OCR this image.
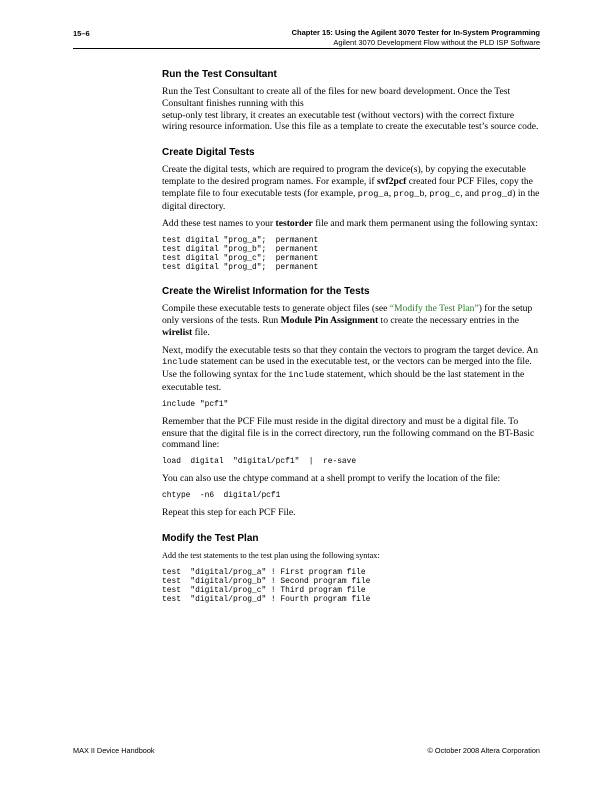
15–6	Chapter 15: Using the Agilent 3070 Tester for In-System Programming
Agilent 3070 Development Flow without the PLD ISP Software
Run the Test Consultant

Run the Test Consultant to create all of the files for new board development. Once the Test Consultant finishes running with this
setup-only test library, it creates an executable test (without vectors) with the correct fixture wiring resource information. Use this file as a template to create the executable test’s source code.

Create Digital Tests

Create the digital tests, which are required to program the device(s), by copying the executable template to the desired program names. For example, if svf2pcf created four PCF Files, copy the template file to four executable tests (for example, prog_a, prog_b, prog_c, and prog_d) in the digital directory.

Add these test names to your testorder file and mark them permanent using the following syntax:

test digital "prog_a";  permanent
test digital "prog_b";  permanent
test digital "prog_c";  permanent
test digital "prog_d";  permanent
Create the Wirelist Information for the Tests

Compile these executable tests to generate object files (see “Modify the Test Plan”) for the setup only versions of the tests. Run Module Pin Assignment to create the necessary entries in the wirelist file.

Next, modify the executable tests so that they contain the vectors to program the target device. An include statement can be used in the executable test, or the vectors can be merged into the file. Use the following syntax for the include statement, which should be the last statement in the executable test.

include "pcf1"

Remember that the PCF File must reside in the digital directory and must be a digital file. To ensure that the digital file is in the correct directory, run the following command on the BT-Basic command line:

load  digital  "digital/pcf1"  |  re-save

You can also use the chtype command at a shell prompt to verify the location of the file:

chtype  -n6  digital/pcf1

Repeat this step for each PCF File.

Modify the Test Plan

Add the test statements to the test plan using the following syntax:

test  "digital/prog_a" ! First program file
test  "digital/prog_b" ! Second program file
test  "digital/prog_c" ! Third program file
test  "digital/prog_d" ! Fourth program file
MAX II Device Handbook	© October 2008 Altera Corporation
